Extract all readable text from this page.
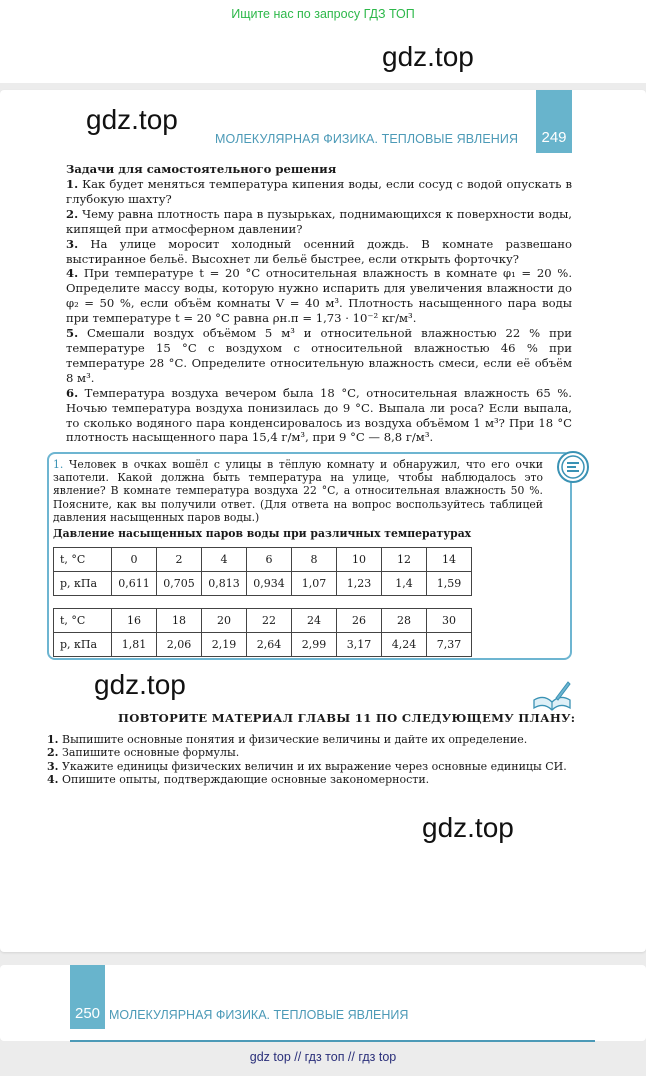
Ищите нас по запросу ГДЗ ТОП
gdz.top
249
МОЛЕКУЛЯРНАЯ ФИЗИКА. ТЕПЛОВЫЕ ЯВЛЕНИЯ
gdz.top
Задачи для самостоятельного решения

1. Как будет меняться температура кипения воды, если сосуд с водой опускать в глубокую шахту?

2. Чему равна плотность пара в пузырьках, поднимающихся к поверхности воды, кипящей при атмосферном давлении?

3. На улице моросит холодный осенний дождь. В комнате развешано выстиранное бельё. Высохнет ли бельё быстрее, если открыть форточку?

4. При температуре t = 20 °С относительная влажность в комнате φ₁ = 20 %. Определите массу воды, которую нужно испарить для увеличения влажности до φ₂ = 50 %, если объём комнаты V = 40 м³. Плотность насыщенного пара воды при температуре t = 20 °С равна ρн.п = 1,73 · 10⁻² кг/м³.

5. Смешали воздух объёмом 5 м³ и относительной влажностью 22 % при температуре 15 °С с воздухом с относительной влажностью 46 % при температуре 28 °С. Определите относительную влажность смеси, если её объём 8 м³.

6. Температура воздуха вечером была 18 °С, относительная влажность 65 %. Ночью температура воздуха понизилась до 9 °С. Выпала ли роса? Если выпала, то сколько водяного пара конденсировалось из воздуха объёмом 1 м³? При 18 °С плотность насыщенного пара 15,4 г/м³, при 9 °С — 8,8 г/м³.

1. Человек в очках вошёл с улицы в тёплую комнату и обнаружил, что его очки запотели. Какой должна быть температура на улице, чтобы наблюдалось это явление? В комнате температура воздуха 22 °С, а относительная влажность 50 %. Поясните, как вы получили ответ. (Для ответа на вопрос воспользуйтесь таблицей давления насыщенных паров воды.)
Давление насыщенных паров воды при различных температурах
t, °С	0	2	4	6	8	10	12	14
p, кПа	0,611	0,705	0,813	0,934	1,07	1,23	1,4	1,59
t, °С	16	18	20	22	24	26	28	30
p, кПа	1,81	2,06	2,19	2,64	2,99	3,17	4,24	7,37
gdz.top
ПОВТОРИТЕ МАТЕРИАЛ ГЛАВЫ 11 ПО СЛЕДУЮЩЕМУ ПЛАНУ:
1. Выпишите основные понятия и физические величины и дайте их определение.
2. Запишите основные формулы.
3. Укажите единицы физических величин и их выражение через основные единицы СИ.
4. Опишите опыты, подтверждающие основные закономерности.
gdz.top
250 МОЛЕКУЛЯРНАЯ ФИЗИКА. ТЕПЛОВЫЕ ЯВЛЕНИЯ
gdz top // гдз топ // гдз top
